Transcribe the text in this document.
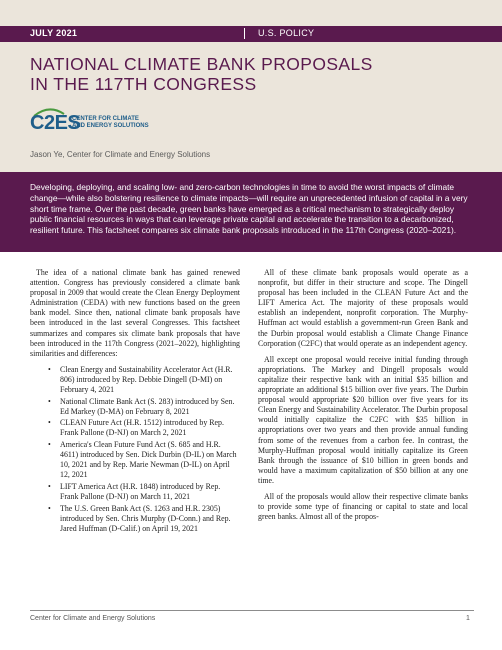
JULY 2021	U.S. POLICY
NATIONAL CLIMATE BANK PROPOSALS
IN THE 117TH CONGRESS
C2ES
CENTER FOR CLIMATE
AND ENERGY SOLUTIONS
Jason Ye, Center for Climate and Energy Solutions

Developing, deploying, and scaling low- and zero-carbon technologies in time to avoid the worst impacts of climate change—while also bolstering resilience to climate impacts—will require an unprecedented infusion of capital in a very short time frame. Over the past decade, green banks have emerged as a critical mechanism to strategically deploy public financial resources in ways that can leverage private capital and accelerate the transition to a decarbonized, resilient future. This factsheet compares six climate bank proposals introduced in the 117th Congress (2020–2021).

The idea of a national climate bank has gained renewed attention. Congress has previously considered a climate bank proposal in 2009 that would create the Clean Energy Deployment Administration (CEDA) with new functions based on the green bank model. Since then, national climate bank proposals have been introduced in the last several Congresses. This factsheet summarizes and compares six climate bank proposals that have been introduced in the 117th Congress (2021–2022), highlighting similarities and differences:

• Clean Energy and Sustainability Accelerator Act (H.R. 806) introduced by Rep. Debbie Dingell (D-MI) on February 4, 2021
• National Climate Bank Act (S. 283) introduced by Sen. Ed Markey (D-MA) on February 8, 2021
• CLEAN Future Act (H.R. 1512) introduced by Rep. Frank Pallone (D-NJ) on March 2, 2021
• America's Clean Future Fund Act (S. 685 and H.R. 4611) introduced by Sen. Dick Durbin (D-IL) on March 10, 2021 and by Rep. Marie Newman (D-IL) on April 12, 2021
• LIFT America Act (H.R. 1848) introduced by Rep. Frank Pallone (D-NJ) on March 11, 2021
• The U.S. Green Bank Act (S. 1263 and H.R. 2305) introduced by Sen. Chris Murphy (D-Conn.) and Rep. Jared Huffman (D-Calif.) on April 19, 2021

All of these climate bank proposals would operate as a nonprofit, but differ in their structure and scope. The Dingell proposal has been included in the CLEAN Future Act and the LIFT America Act. The majority of these proposals would establish an independent, nonprofit corporation. The Murphy-Huffman act would establish a government-run Green Bank and the Durbin proposal would establish a Climate Change Finance Corporation (C2FC) that would operate as an independent agency.

All except one proposal would receive initial funding through appropriations. The Markey and Dingell proposals would capitalize their respective bank with an initial $35 billion and appropriate an additional $15 billion over five years. The Durbin proposal would appropriate $20 billion over five years for its Clean Energy and Sustainability Accelerator. The Durbin proposal would initially capitalize the C2FC with $35 billion in appropriations over two years and then provide annual funding from some of the revenues from a carbon fee. In contrast, the Murphy-Huffman proposal would initially capitalize its Green Bank through the issuance of $10 billion in green bonds and would have a maximum capitalization of $50 billion at any one time.

All of the proposals would allow their respective climate banks to provide some type of financing or capital to state and local green banks. Almost all of the propos-

Center for Climate and Energy Solutions	1
